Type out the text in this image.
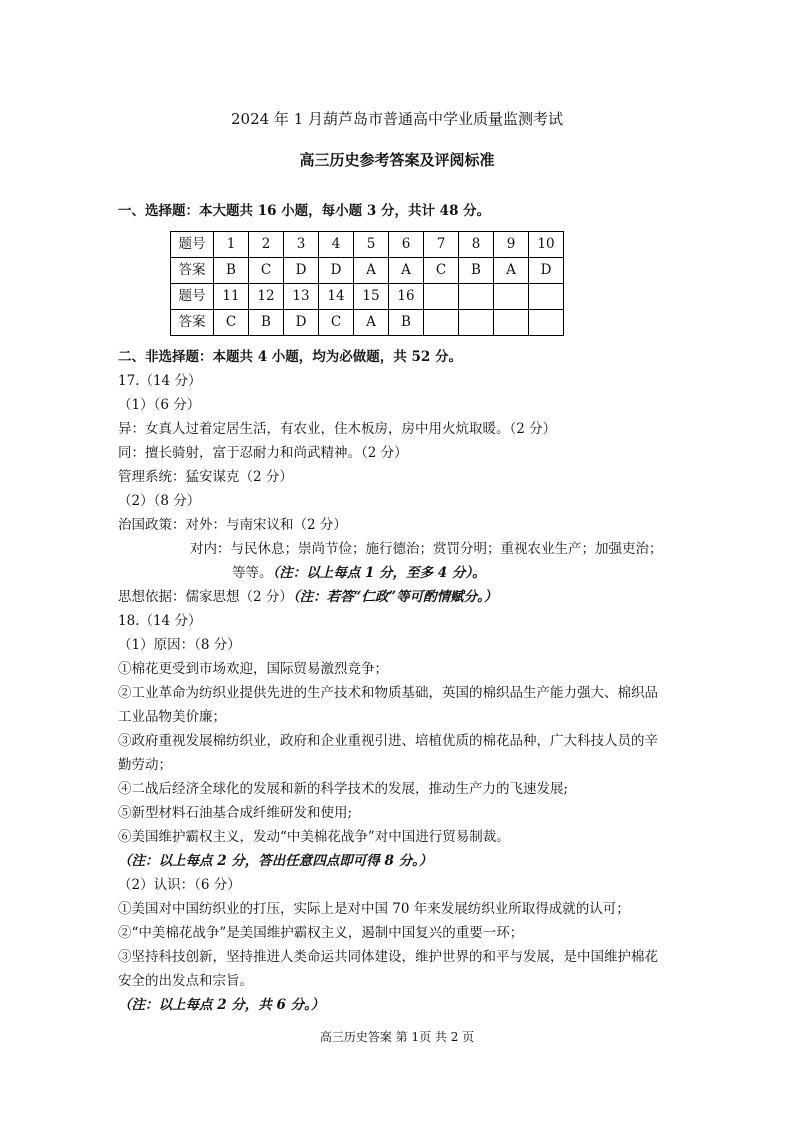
2024 年 1 月葫芦岛市普通高中学业质量监测考试
高三历史参考答案及评阅标准
一、选择题：本大题共 16 小题，每小题 3 分，共计 48 分。
题号	1	2	3	4	5	6	7	8	9	10
答案	B	C	D	D	A	A	C	B	A	D
题号	11	12	13	14	15	16				
答案	C	B	D	C	A	B				
二、非选择题：本题共 4 小题，均为必做题，共 52 分。
17.（14 分）
（1）（6 分）
异：女真人过着定居生活，有农业，住木板房，房中用火炕取暖。（2 分）
同：擅长骑射，富于忍耐力和尚武精神。（2 分）
管理系统：猛安谋克（2 分）
（2）（8 分）
治国政策：对外：与南宋议和（2 分）
对内：与民休息；崇尚节俭；施行德治；赏罚分明；重视农业生产；加强吏治；
等等。（注：以上每点 1 分，至多 4 分）。
思想依据：儒家思想（2 分）（注：若答“仁政”等可酌情赋分。）
18.（14 分）
（1）原因：（8 分）
①棉花更受到市场欢迎，国际贸易激烈竞争；
②工业革命为纺织业提供先进的生产技术和物质基础，英国的棉织品生产能力强大、棉织品
工业品物美价廉；
③政府重视发展棉纺织业，政府和企业重视引进、培植优质的棉花品种，广大科技人员的辛
勤劳动；
④二战后经济全球化的发展和新的科学技术的发展，推动生产力的飞速发展;
⑤新型材料石油基合成纤维研发和使用;
⑥美国维护霸权主义，发动“中美棉花战争”对中国进行贸易制裁。
（注：以上每点 2 分，答出任意四点即可得 8 分。）
（2）认识：（6 分）
①美国对中国纺织业的打压，实际上是对中国 70 年来发展纺织业所取得成就的认可；
②“中美棉花战争”是美国维护霸权主义，遏制中国复兴的重要一环；
③坚持科技创新，坚持推进人类命运共同体建设，维护世界的和平与发展，是中国维护棉花
安全的出发点和宗旨。
（注：以上每点 2 分，共 6 分。）
高三历史答案 第 1页 共 2 页
